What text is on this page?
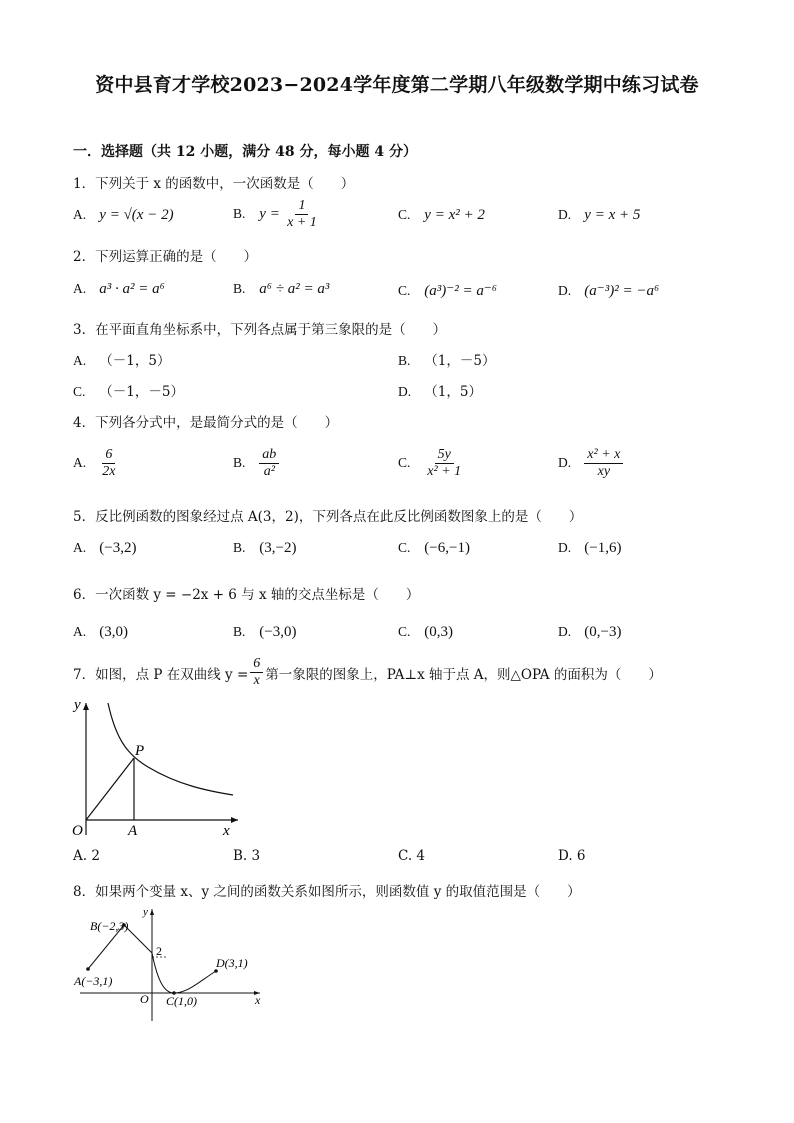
资中县育才学校2023−2024学年度第二学期八年级数学期中练习试卷
一．选择题（共 12 小题，满分 48 分，每小题 4 分）
1．下列关于 x 的函数中，一次函数是（　　）
A. y = √(x − 2)	B. $y = \frac{1}{x + 1}$	C. y = x² + 2	D. y = x + 5
2．下列运算正确的是（　　）
A. a³ · a² = a⁶	B. a⁶ ÷ a² = a³	C. (a³)⁻² = a⁻⁶	D. (a⁻³)² = −a⁶
3．在平面直角坐标系中，下列各点属于第三象限的是（　　）
A. （－1，5）	B. （1，－5）
C. （－1，－5）	D. （1，5）
4．下列各分式中，是最简分式的是（　　）
A. $\frac{6}{2x}$	B. $\frac{ab}{\text{a²}}$	C. $\frac{5y}{\text{x² + 1}}$	D. $\frac{\text{x² + x}}{xy}$
5．反比例函数的图象经过点 A(3，2)，下列各点在此反比例函数图象上的是（　　）
A. (−3,2)	B. (3,−2)	C. (−6,−1)	D. (−1,6)
6．一次函数 y = −2x + 6 与 x 轴的交点坐标是（　　）
A. (3,0)	B. (−3,0)	C. (0,3)	D. (0,−3)
7．如图，点 P 在双曲线 $y = \frac{6}{x}$ 第一象限的图象上，PA⊥x 轴于点 A，则△OPA 的面积为（　　）
y
x
O	A
P
A. 2	B. 3	C. 4	D. 6
8．如果两个变量 x、y 之间的函数关系如图所示，则函数值 y 的取值范围是（　　）
B(−2,3)
A(−3,1)
C(1,0)
D(3,1)
2
O	x
y
